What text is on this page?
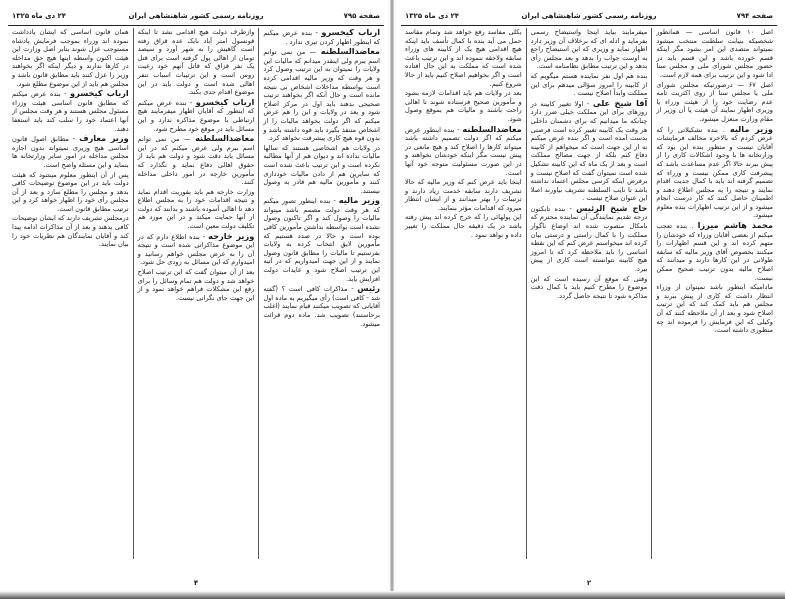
صفحه ۷۹۵
روزنامه رسمی کشور شاهنشاهی ایران
۲۴ دی ماه ۱۳۲۵

ارباب کیخسرو - بنده عرض میکنم که اینطور اظهار کردن تبری ندارد .

معاضدالسلطنه — من نمی توانم اسم ببرم ولی اینقدر میدانم که مالیات این ولایات را نمیتوان به این ترتیب وصول کرد و هر وقت که وزیر مالیه اقدامی کرده است بواسطه مداخلات اشخاص بی نتیجه مانده است و حال آنکه اگر بخواهند ترتیب صحیحی بدهند باید اول در مرکز اصلاح شود و بعد در ولایات و این را هم عرض میکنم که اگر دولت بخواهد مالیات را از اشخاص متنفذ بگیرد باید قوه داشته باشد و بدون قوه هیچ کاری پیشرفت نخواهد کرد.

در ولایات هم اشخاصی هستند که سالها مالیات نداده اند و دیوان هم از آنها مطالبه نکرده است و این ترتیب باعث شده است که سایرین هم از دادن مالیات خودداری کنند و مأمورین مالیه هم قادر به وصول نیستند.

وزیر مالیه - بنده اینطور تصور میکنم که هر وقت دولت مصمم باشد میتواند مالیات را وصول کند و اگر تاکنون وصول نشده است بواسطه نداشتن مأمورین کافی بوده است و حالا در صدد هستیم که مأمورین لایق انتخاب کرده به ولایات بفرستیم تا مالیات را مطابق قانون وصول نمایند و از این جهت امیدواریم که در آتیه این ترتیب اصلاح شود و عایدات دولت افزایش یابد.

رئیس - مذاکرات کافی است ؟ (گفته شد - کافی است) رأی میگیریم به ماده اول آقایانی که تصویب میکنند قیام نمایند (اغلب برخاستند) تصویب شد. ماده دوم قرائت میشود.

وازطرف دولت هیچ اقدامی نشد تا اینکه قونسول امتر آباد بایک عده قزاق رفته است گاهیش را به شهر آورد و سیصد تومان از اهالی پول گرفته است برای قتل یک نفر قزاق که قاتل آنهم خود رعیت روس است و این ترتیبات اسباب تنفر اهالی شده است و دولت باید در این موضوع اقدام جدی بکند.

ارباب کیخسرو - بنده عرض میکنم که اینطور که آقایان اظهار میفرمایند هیچ ارتباطی با موضوع مذاکره ندارد و این مسائل باید در موقع خود مطرح شود.

معاضدالسلطنه — من نمی توانم اسم ببرم ولی عرض میکنم که در این مسائل باید دقت شود و دولت هم باید از حقوق اهالی دفاع نماید و نگذارد که مأمورین خارجه در امور داخلی مداخله کنند.

وزارت خارجه هم باید بفوریت اقدام نماید و نتیجه اقدامات خود را به مجلس اطلاع دهد تا اهالی آسوده باشند و بدانند که دولت از آنها حمایت میکند و در این مورد هم تکلیف دولت معین است.

وزیر خارجه - بنده اطلاع دارم که در این موضوع مذاکراتی شده است و نتیجه آن را به عرض مجلس خواهم رسانید و امیدوارم که این مسائل به زودی حل شود.

بعد از آن میتوان گفت که این ترتیب اصلاح خواهد شد و دولت هم تمام وسائل را برای رفع این مشکلات فراهم خواهد نمود و از این جهت جای نگرانی نیست.

همان قانون اساسی که ایشان یادداشت نموده اند وزراء بموجب فرمایش پادشاه مستوجب عزل شوند بنابر اصل وزارت این هیئت اکنون واسطه اینها هیچ حق مداخله در کارها ندارند و دیگر اینکه اگر بخواهند وزیر را عزل کنند باید مطابق قانون باشد و مجلس هم باید از این موضوع مطلع شود.

ارباب کیخسرو - بنده عرض میکنم که مطابق قانون اساسی هیئت وزراء مسئول مجلس هستند و هر وقت مجلس از آنها اعتماد خود را سلب کند باید استعفا دهند.

وزیر معارف - مطابق اصول قانون اساسی هیچ وزیری نمیتواند بدون اجازه مجلس مداخله در امور سایر وزارتخانه ها بنماید و این مسئله واضح است.

پس از آن اینطور معلوم میشود که هیئت دولت باید در این موضوع توضیحات کافی بدهد و مجلس را مطلع سازد و بعد از آن مجلس رأی خود را اظهار خواهد کرد و این ترتیب مطابق قانون است.

درمجلس تشریف دارند که ایشان توضیحات کافی بدهند و بعد از آن مذاکرات ادامه پیدا کند و آقایان نمایندگان هم نظریات خود را بیان نمایند.

۴
صفحه ۷۹۴
روزنامه رسمی کشور شاهنشاهی ایران
۲۴ دی ماه ۱۳۲۵

اصل ۱۰ قانون اساسی — همانطور شخصیکه بنیابت سلطنت منتخب میشود نمیتواند متصدی این امر بشود مگر اینکه قسم خورده باشد و این قسم باید در حضور مجلس شورای ملی و مجلس سنا ادا شود و این ترتیب برای همه لازم است.

اصل ۶۷ — درصورتیکه مجلس شورای ملی یا مجلس سنا از روی اکثریت تامه عدم رضایت خود را از هیئت وزراء یا وزیری اظهار نمایند آن هیئت یا آن وزیر از مقام وزارت منعزل میشود.

وزیر مالیه . بنده تشکیلاتی را که عرض کردم که بالاخره مخالف فرمایشات آقایان نیست و منظور بنده این بود که وزارتخانه ها با وجود اشکالات کاری را از پیش ببرند حالا اگر عدم مساعدت باشد که پیشرفت کاری ممکن نیست و وزراء که تصمیم گرفته اند باید با کمال جدیت اقدام نمایند و نتیجه را به مجلس اطلاع دهند و اطمینان حاصل کنند که کار درست انجام میشود و از این ترتیب اظهارات بنده معلوم میشود.

محمد هاشم میرزا . بنده تعجب میکنم از بعضی آقایان وزراء که خودشان را متهم کرده اند و این قسم اظهارات را میکنند بخصوص آقای وزیر مالیه که سابقه طولانی در این کارها دارند و میدانند که اصلاح مالیه بدون ترتیب صحیح ممکن نیست.

مادامیکه اینطور باشد نمیتوان از وزراء انتظار داشت که کاری از پیش ببرند و مجلس هم باید کمک کند که این ترتیب اصلاح شود و بعد از آن ملاحظه کنند که آن وکیلی که این فرمایش را فرموده اند چه منظوری داشته است.

میفرمایند بیاید اینجا واستیضاح رسمی بفرماید و ادله ای که برخلاف آن وزیر دارد اظهار نماید و وزیری که این استیضاح راجع به اوست جواب را بدهد و بعد مجلس رأی بدهد و این ترتیب مطابق نظامنامه است.

بنده هم اول نفر نماینده هستم میگویم که از کابینه را امروز سؤالی میدهم برای این مملکت وابداً اصلاح نیست .

آقا شیخ علی - اولا تغییر کابینه در روزهای برای این مملکت خیلی ضرر دارد چنانکه ما میدانیم که برای دشمنان داخلی هر وقت یک کابینه تغییر کرده است فرصتی بدست آمده است و اگر بنده عرض میکنم نه از این جهت است که میخواهم از کابینه دفاع کنم بلکه از جهت مصالح مملکت است و بعد از یک ماه که این کابینه تشکیل شده است نمیتوان گفت که اصلاح نیست و برفرض اینکه کرسی مجلس اعتماد نداشته باشد تا نایب السلطنه تشریف بیاورند اصلا این عنوان صلاح نیست .

حاج شیخ الرئیس - بنده تابکنون درجه تقدیم نمایندگی آن نماینده محترم که بامکال منصوب شده اند اوضاع ناگوار مملکت را با کمال راستی و درستی بیان کرده اند میخواستم عرض کنم که این نقطه اساسی را باید ملاحظه کرد که تا امروز هیچ کابینه نتوانسته است کاری از پیش ببرد.

وقتی که موقع آن رسیده است که این موضوع را مطرح کنیم باید با کمال دقت مذاکره شود تا نتیجه حاصل گردد.

بکلی مفاسد رفع خواهد شد وتمام مفاسد حمل می آید بنده با کمال تأسف باید اینکه هیچ اقدامی هیچ یک از کابینه های وزراء سابقه ولاحقه ننموده اند و این ترتیب باعث شده است که مملکت به این حال افتاده است و اگر بخواهیم اصلاح کنیم باید از حالا شروع کنیم.

بعد در ولایات هم باید اقدامات لازمه بشود و مأمورین صحیح فرستاده شوند تا اهالی راحت باشند و مالیات هم بموقع وصول شود.

معاضدالسلطنه - بنده اینطور عرض میکنم که اگر دولت تصمیم داشته باشد میتواند کارها را اصلاح کند و هیچ مانعی در پیش نیست مگر اینکه خودشان نخواهند و در این صورت مسئولیت متوجه خود آنها است.

اینجا باید عرض کنم که وزیر مالیه که حالا تشریف دارند سابقه خدمت زیاد دارند و ترتیبات را بهتر میدانند و از ایشان انتظار میرود که اقدامات مؤثر بنمایند.

این پولهائی را که خرج کرده اند پیش رفته باشد در یک دقیقه حال مملکت را تغییر داده و نواهد نمود .

۲
